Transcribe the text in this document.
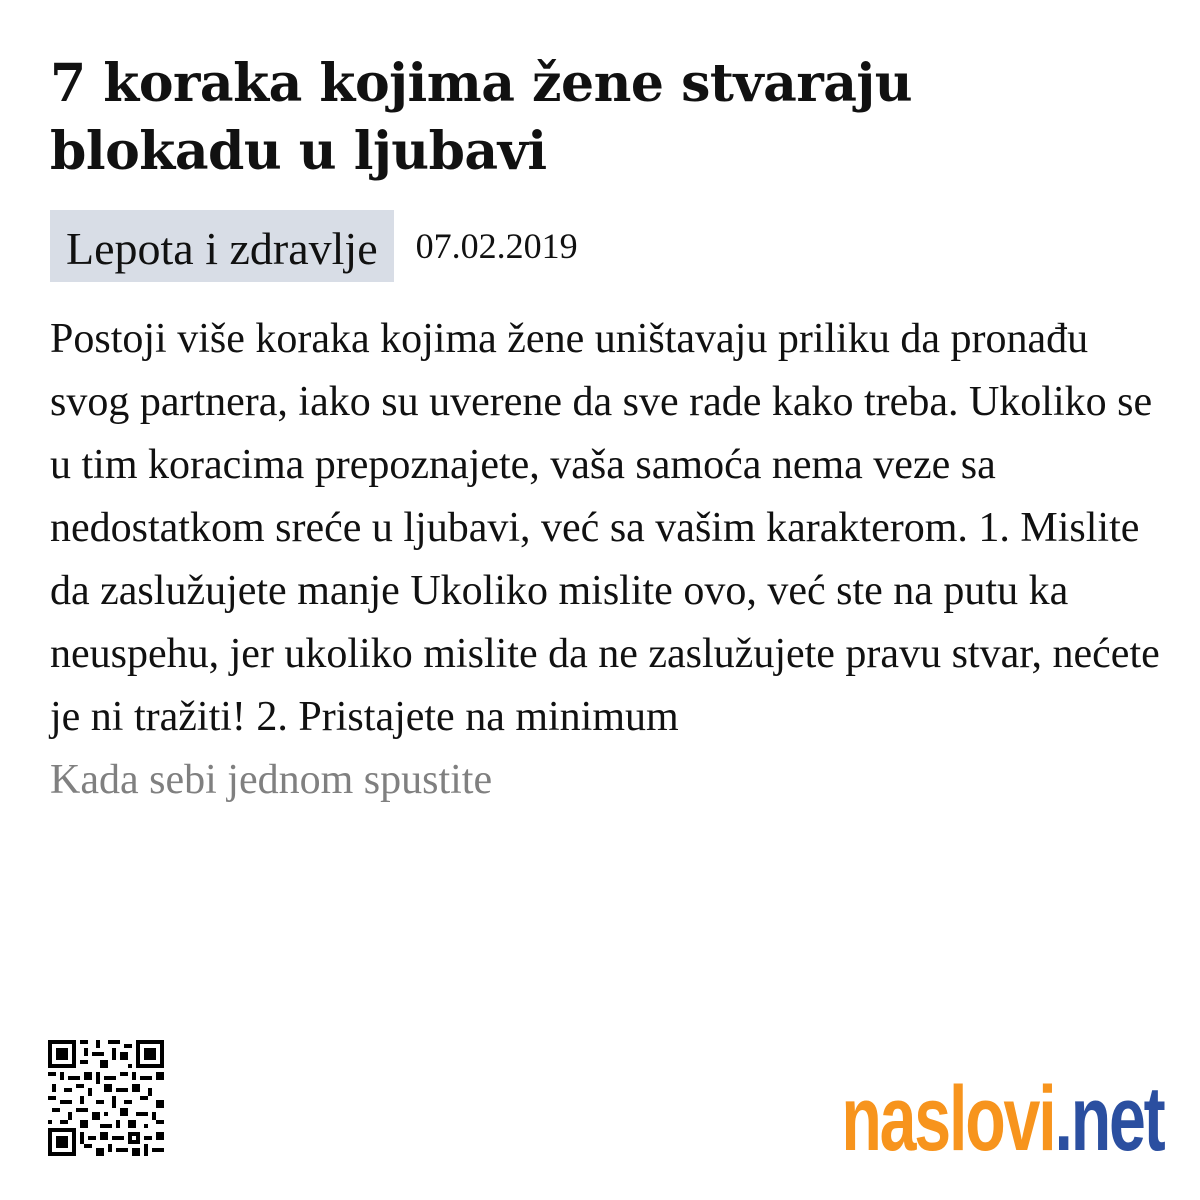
7 koraka kojima žene stvaraju blokadu u ljubavi
Lepota i zdravlje	07.02.2019

Postoji više koraka kojima žene uništavaju priliku da pronađu svog partnera, iako su uverene da sve rade kako treba. Ukoliko se u tim koracima prepoznajete, vaša samoća nema veze sa nedostatkom sreće u ljubavi, već sa vašim karakterom. 1. Mislite da zaslužujete manje Ukoliko mislite ovo, već ste na putu ka neuspehu, jer ukoliko mislite da ne zaslužujete pravu stvar, nećete je ni tražiti! 2. Pristajete na minimum

Kada sebi jednom spustite

naslovi.net
